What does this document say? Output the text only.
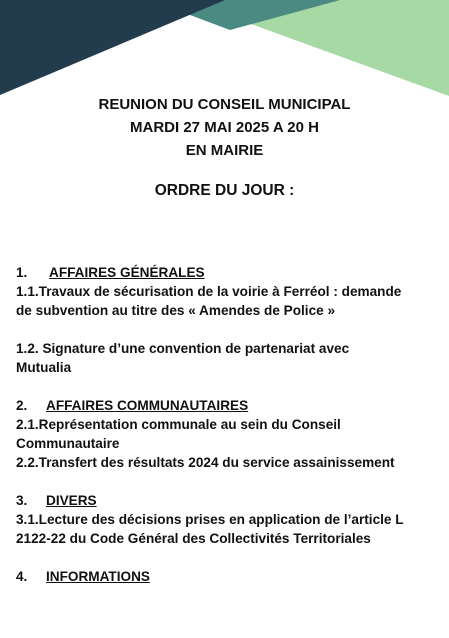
REUNION DU CONSEIL MUNICIPAL
MARDI 27 MAI 2025 A 20 H
EN MAIRIE
ORDRE DU JOUR :
1.	AFFAIRES GÉNÉRALES
1.1.Travaux de sécurisation de la voirie à Ferréol : demande
de subvention au titre des « Amendes de Police »
1.2. Signature d’une convention de partenariat avec
Mutualia
2.	AFFAIRES COMMUNAUTAIRES
2.1.Représentation communale au sein du Conseil
Communautaire
2.2.Transfert des résultats 2024 du service assainissement
3.	DIVERS
3.1.Lecture des décisions prises en application de l’article L
2122-22 du Code Général des Collectivités Territoriales
4.	INFORMATIONS
